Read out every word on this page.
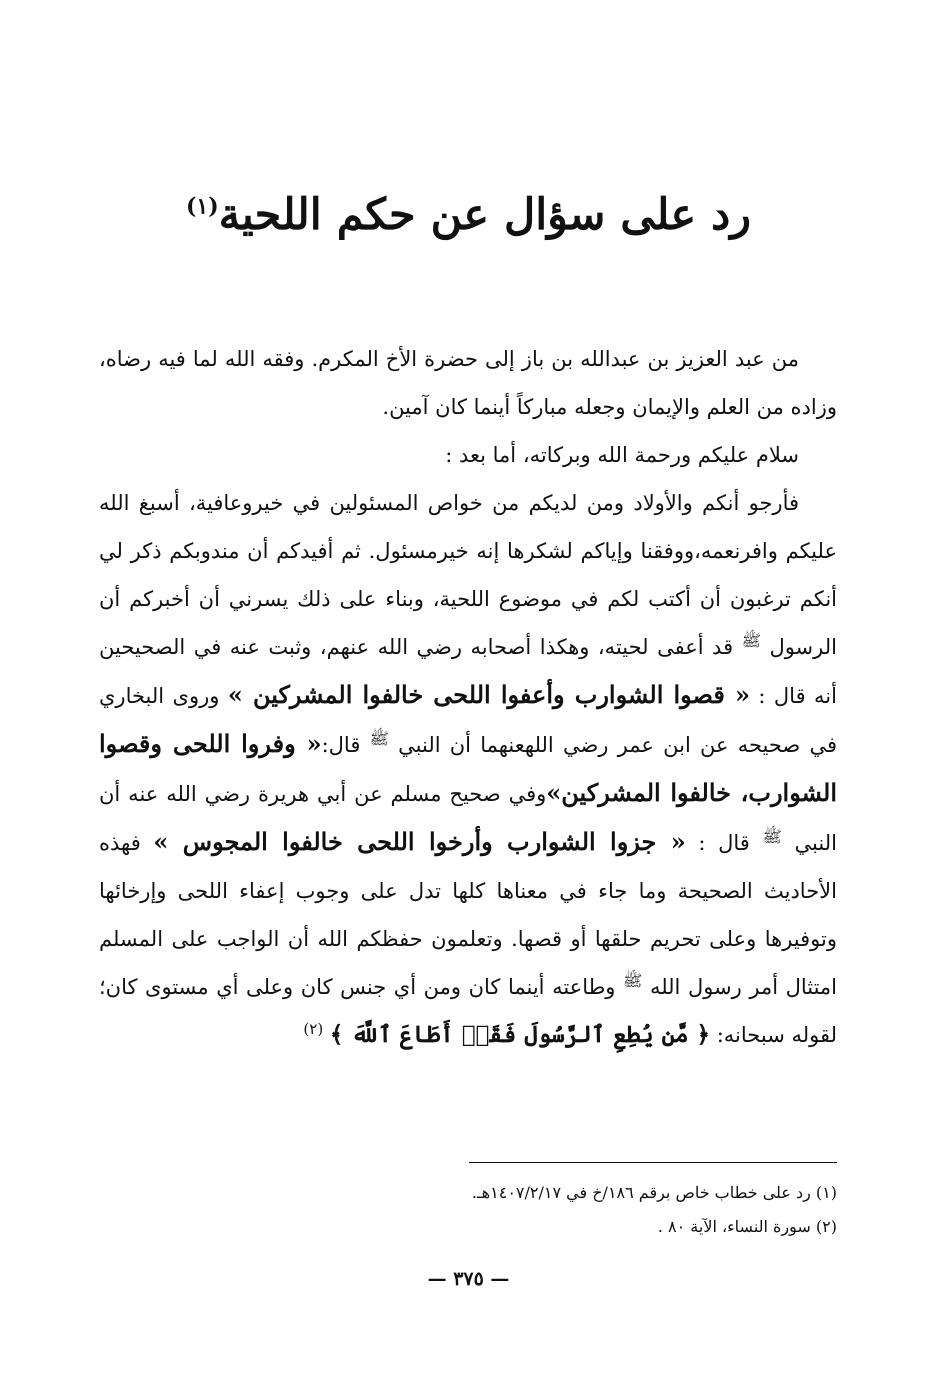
رد على سؤال عن حكم اللحية$^{(١)}$

من عبد العزيز بن عبدالله بن باز إلى حضرة الأخ المكرم. وفقه الله لما فيه رضاه، وزاده من العلم والإيمان وجعله مباركاً أينما كان آمين.

سلام عليكم ورحمة الله وبركاته، أما بعد :

فأرجو أنكم والأولاد ومن لديكم من خواص المسئولين في خيروعافية، أسبغ الله عليكم وافرنعمه،ووفقنا وإياكم لشكرها إنه خيرمسئول. ثم أفيدكم أن مندوبكم ذكر لي أنكم ترغبون أن أكتب لكم في موضوع اللحية، وبناء على ذلك يسرني أن أخبركم أن الرسول $^ﷺ$ قد أعفى لحيته، وهكذا أصحابه رضي الله عنهم، وثبت عنه في الصحيحين أنه قال : « قصوا الشوارب وأعفوا اللحى خالفوا المشركين » وروى البخاري في صحيحه عن ابن عمر رضي اللهعنهما أن النبي $^ﷺ$ قال:« وفروا اللحى وقصوا الشوارب، خالفوا المشركين»وفي صحيح مسلم عن أبي هريرة رضي الله عنه أن النبي $^ﷺ$ قال : « جزوا الشوارب وأرخوا اللحى خالفوا المجوس » فهذه الأحاديث الصحيحة وما جاء في معناها كلها تدل على وجوب إعفاء اللحى وإرخائها وتوفيرها وعلى تحريم حلقها أو قصها. وتعلمون حفظكم الله أن الواجب على المسلم امتثال أمر رسول الله $^ﷺ$ وطاعته أينما كان ومن أي جنس كان وعلى أي مستوى كان؛ لقوله سبحانه: ﴿ مَّن يُطِعِ ٱلرَّسُولَ فَقَدۡ أَطَاعَ ٱللَّهَ ﴾ $^{(٢)}$

(١) رد على خطاب خاص برقم ١٨٦/خ في ١٤٠٧/٢/١٧هـ.
(٢) سورة النساء، الآية ٨٠ .
— ٣٧٥ —
